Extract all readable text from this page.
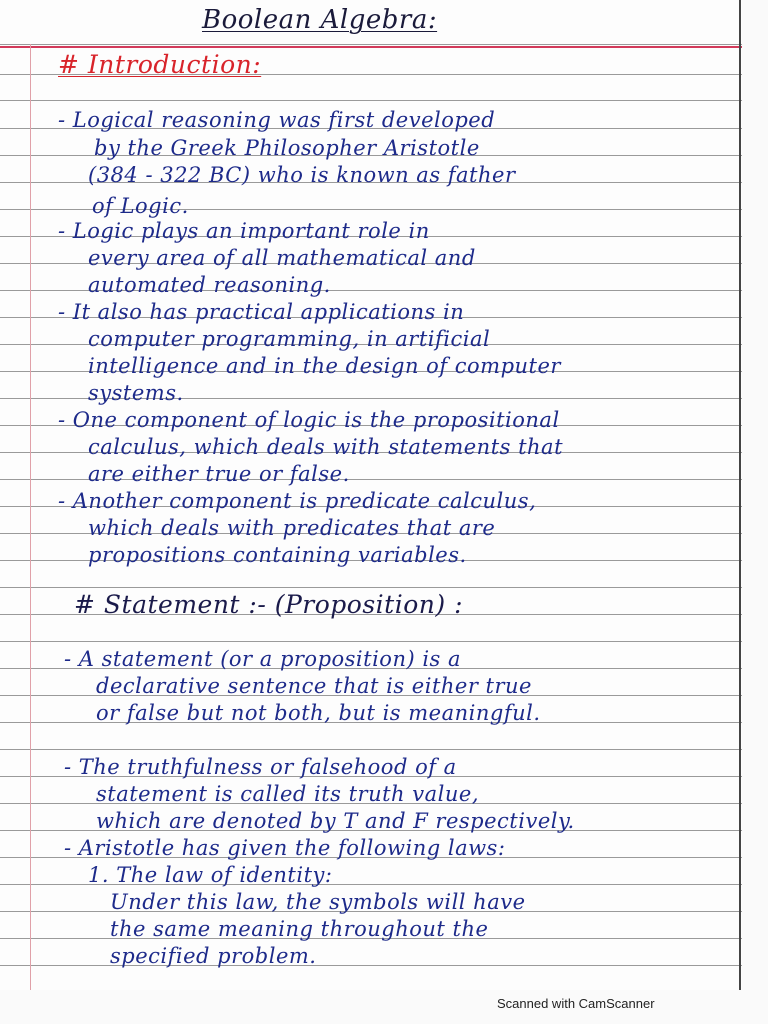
Boolean Algebra:
# Introduction:
- Logical reasoning was first developed
by the Greek Philosopher Aristotle
(384 - 322 BC) who is known as father
of Logic.
- Logic plays an important role in
every area of all mathematical and
automated reasoning.
- It also has practical applications in
computer programming, in artificial
intelligence and in the design of computer
systems.
- One component of logic is the propositional
calculus, which deals with statements that
are either true or false.
- Another component is predicate calculus,
which deals with predicates that are
propositions containing variables.
# Statement :- (Proposition) :
- A statement (or a proposition) is a
declarative sentence that is either true
or false but not both, but is meaningful.
- The truthfulness or falsehood of a
statement is called its truth value,
which are denoted by T and F respectively.
- Aristotle has given the following laws:
1. The law of identity:
Under this law, the symbols will have
the same meaning throughout the
specified problem.
Scanned with CamScanner
